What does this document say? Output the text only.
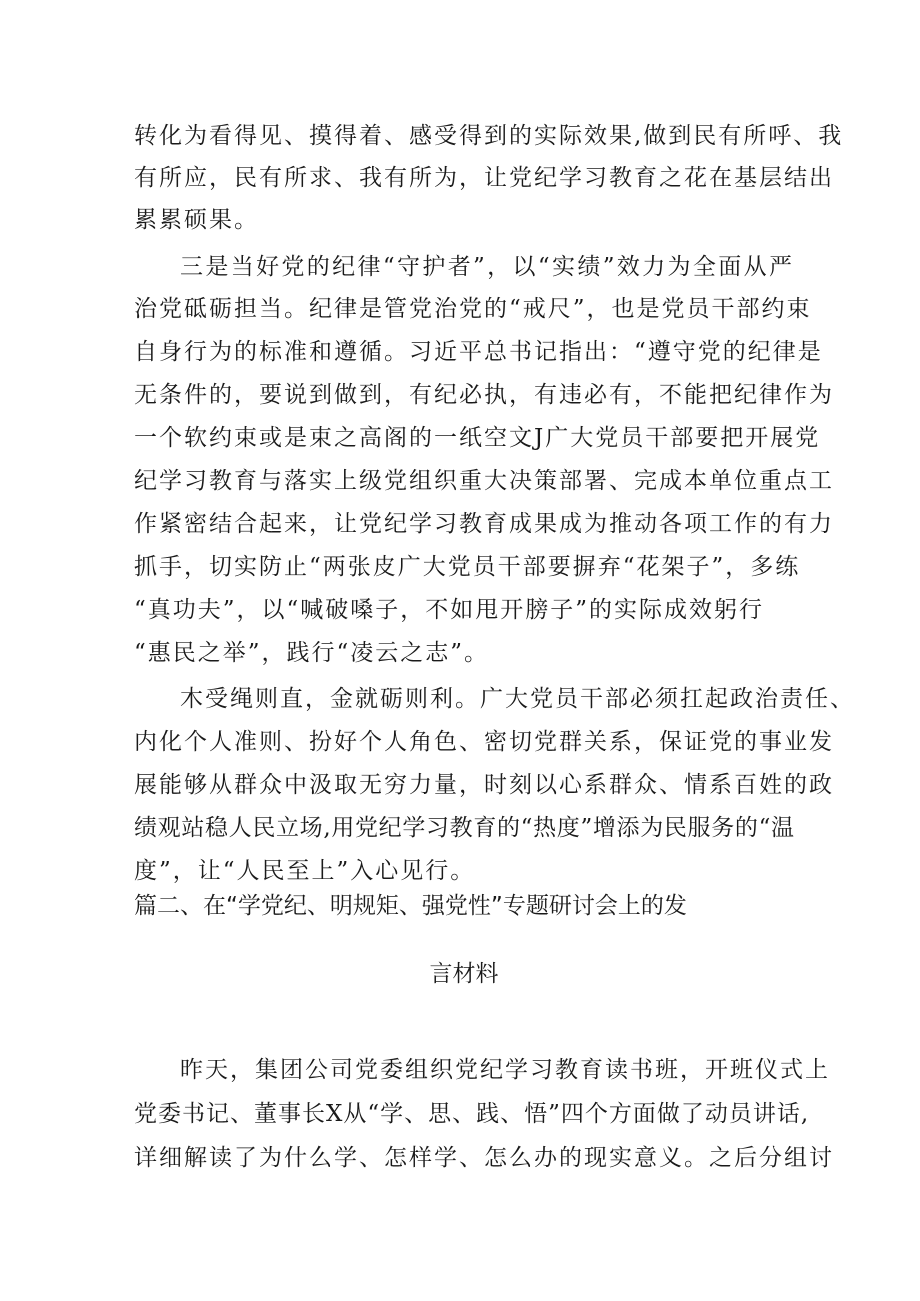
转化为看得见、摸得着、感受得到的实际效果,做到民有所呼、我
有所应，民有所求、我有所为，让党纪学习教育之花在基层结出
累累硕果。
三是当好党的纪律“守护者”，以“实绩”效力为全面从严
治党砥砺担当。纪律是管党治党的“戒尺”，也是党员干部约束
自身行为的标准和遵循。习近平总书记指出：“遵守党的纪律是
无条件的，要说到做到，有纪必执，有违必有，不能把纪律作为
一个软约束或是束之高阁的一纸空文J广大党员干部要把开展党
纪学习教育与落实上级党组织重大决策部署、完成本单位重点工
作紧密结合起来，让党纪学习教育成果成为推动各项工作的有力
抓手，切实防止“两张皮广大党员干部要摒弃“花架子”，多练
“真功夫”，以“喊破嗓子，不如甩开膀子”的实际成效躬行
“惠民之举”，践行“凌云之志”。
木受绳则直，金就砺则利。广大党员干部必须扛起政治责任、
内化个人准则、扮好个人角色、密切党群关系，保证党的事业发
展能够从群众中汲取无穷力量，时刻以心系群众、情系百姓的政
绩观站稳人民立场,用党纪学习教育的“热度”增添为民服务的“温
度”，让“人民至上”入心见行。
篇二、在“学党纪、明规矩、强党性”专题研讨会上的发
言材料
昨天，集团公司党委组织党纪学习教育读书班，开班仪式上
党委书记、董事长X从“学、思、践、悟”四个方面做了动员讲话,
详细解读了为什么学、怎样学、怎么办的现实意义。之后分组讨
